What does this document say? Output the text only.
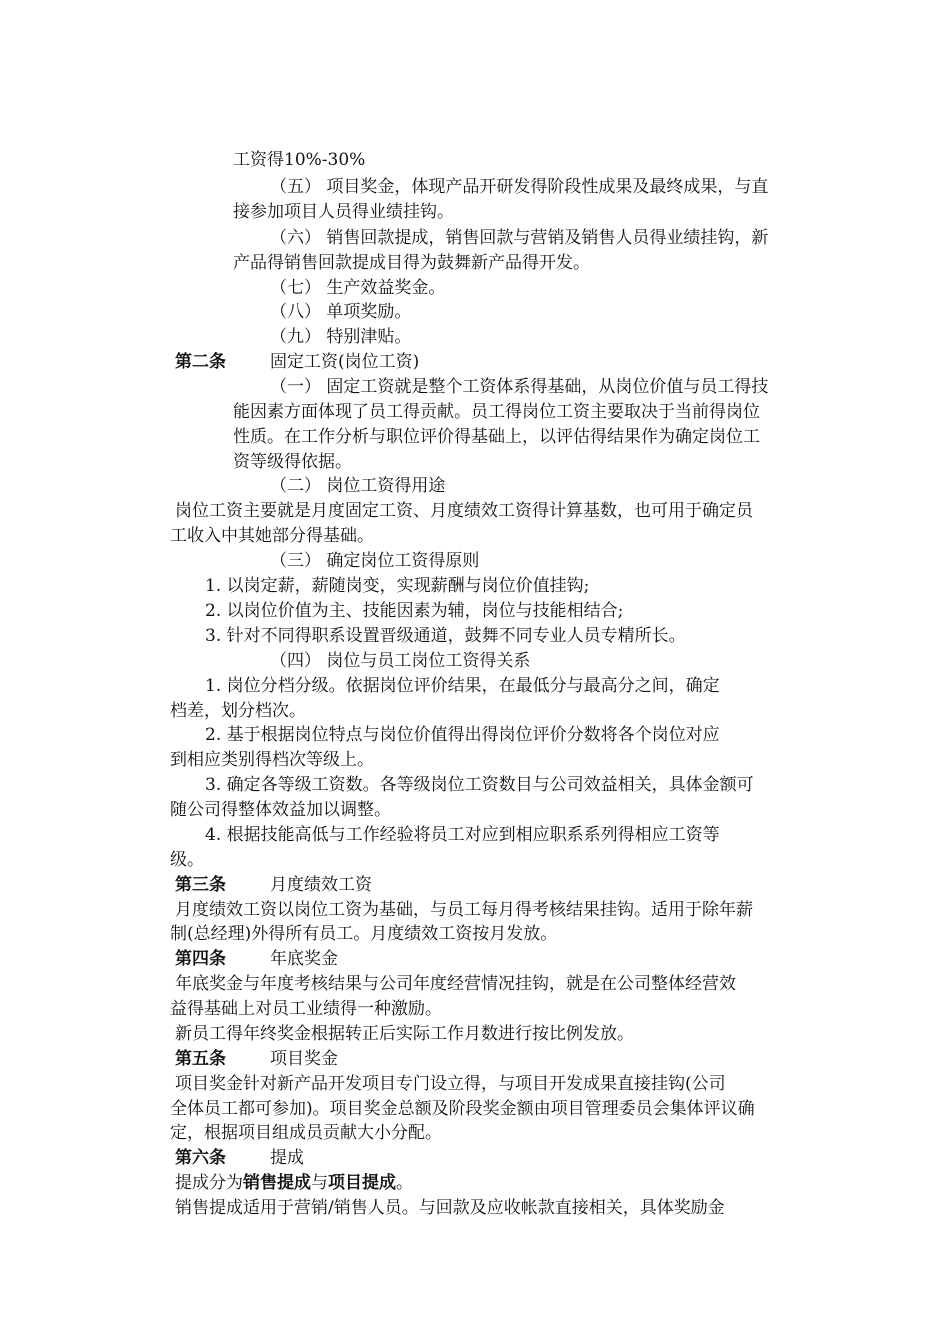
工资得10%-30%

（五） 项目奖金，体现产品开研发得阶段性成果及最终成果，与直

接参加项目人员得业绩挂钩。

（六） 销售回款提成，销售回款与营销及销售人员得业绩挂钩，新

产品得销售回款提成目得为鼓舞新产品得开发。

（七） 生产效益奖金。

（八） 单项奖励。

（九） 特别津贴。

第二条	固定工资(岗位工资)

（一） 固定工资就是整个工资体系得基础，从岗位价值与员工得技

能因素方面体现了员工得贡献。员工得岗位工资主要取决于当前得岗位

性质。在工作分析与职位评价得基础上，以评估得结果作为确定岗位工

资等级得依据。

（二） 岗位工资得用途

岗位工资主要就是月度固定工资、月度绩效工资得计算基数，也可用于确定员

工收入中其她部分得基础。

（三） 确定岗位工资得原则

1. 以岗定薪，薪随岗变，实现薪酬与岗位价值挂钩;

2. 以岗位价值为主、技能因素为辅，岗位与技能相结合;

3. 针对不同得职系设置晋级通道，鼓舞不同专业人员专精所长。

（四） 岗位与员工岗位工资得关系

1. 岗位分档分级。依据岗位评价结果，在最低分与最高分之间，确定

档差，划分档次。

2. 基于根据岗位特点与岗位价值得出得岗位评价分数将各个岗位对应

到相应类别得档次等级上。

3. 确定各等级工资数。各等级岗位工资数目与公司效益相关，具体金额可

随公司得整体效益加以调整。

4. 根据技能高低与工作经验将员工对应到相应职系系列得相应工资等

级。

第三条	月度绩效工资

月度绩效工资以岗位工资为基础，与员工每月得考核结果挂钩。适用于除年薪

制(总经理)外得所有员工。月度绩效工资按月发放。

第四条	年底奖金

年底奖金与年度考核结果与公司年度经营情况挂钩，就是在公司整体经营效

益得基础上对员工业绩得一种激励。

新员工得年终奖金根据转正后实际工作月数进行按比例发放。

第五条	项目奖金

项目奖金针对新产品开发项目专门设立得，与项目开发成果直接挂钩(公司

全体员工都可参加)。项目奖金总额及阶段奖金额由项目管理委员会集体评议确

定，根据项目组成员贡献大小分配。

第六条	提成

提成分为销售提成与项目提成。

销售提成适用于营销/销售人员。与回款及应收帐款直接相关，具体奖励金
